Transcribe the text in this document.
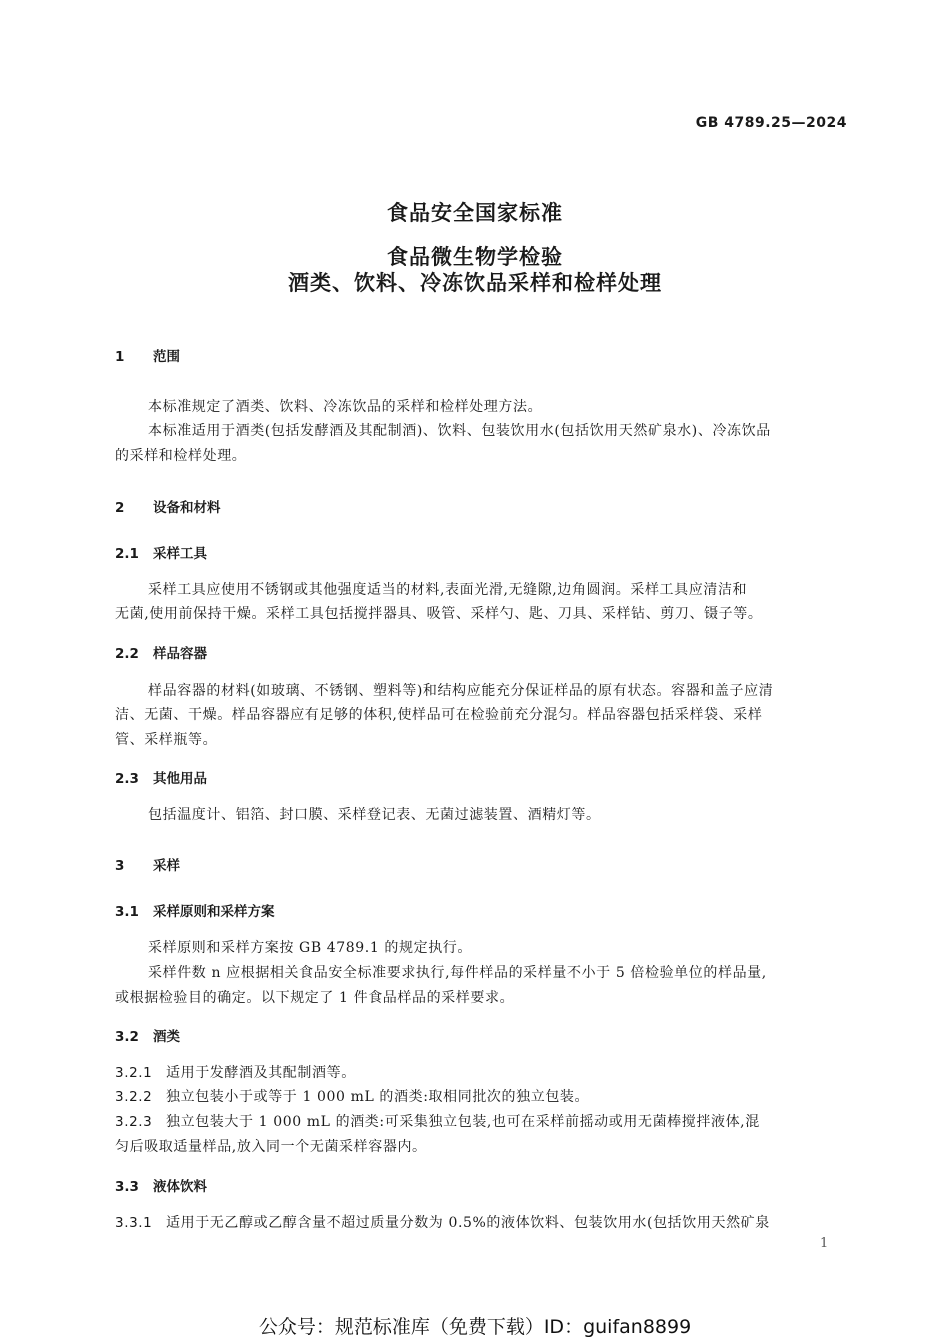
GB 4789.25—2024
食品安全国家标准
食品微生物学检验
酒类、饮料、冷冻饮品采样和检样处理
1 范围
本标准规定了酒类、饮料、冷冻饮品的采样和检样处理方法。
本标准适用于酒类(包括发酵酒及其配制酒)、饮料、包装饮用水(包括饮用天然矿泉水)、冷冻饮品
的采样和检样处理。
2 设备和材料
2.1 采样工具
采样工具应使用不锈钢或其他强度适当的材料,表面光滑,无缝隙,边角圆润。采样工具应清洁和
无菌,使用前保持干燥。采样工具包括搅拌器具、吸管、采样勺、匙、刀具、采样钻、剪刀、镊子等。
2.2 样品容器
样品容器的材料(如玻璃、不锈钢、塑料等)和结构应能充分保证样品的原有状态。容器和盖子应清
洁、无菌、干燥。样品容器应有足够的体积,使样品可在检验前充分混匀。样品容器包括采样袋、采样
管、采样瓶等。
2.3 其他用品
包括温度计、铝箔、封口膜、采样登记表、无菌过滤装置、酒精灯等。
3 采样
3.1 采样原则和采样方案
采样原则和采样方案按 GB 4789.1 的规定执行。
采样件数 n 应根据相关食品安全标准要求执行,每件样品的采样量不小于 5 倍检验单位的样品量,
或根据检验目的确定。以下规定了 1 件食品样品的采样要求。
3.2 酒类
3.2.1 适用于发酵酒及其配制酒等。
3.2.2 独立包装小于或等于 1 000 mL 的酒类:取相同批次的独立包装。
3.2.3 独立包装大于 1 000 mL 的酒类:可采集独立包装,也可在采样前摇动或用无菌棒搅拌液体,混
匀后吸取适量样品,放入同一个无菌采样容器内。
3.3 液体饮料
3.3.1 适用于无乙醇或乙醇含量不超过质量分数为 0.5%的液体饮料、包装饮用水(包括饮用天然矿泉
1
公众号：规范标准库（免费下载）ID：guifan8899
